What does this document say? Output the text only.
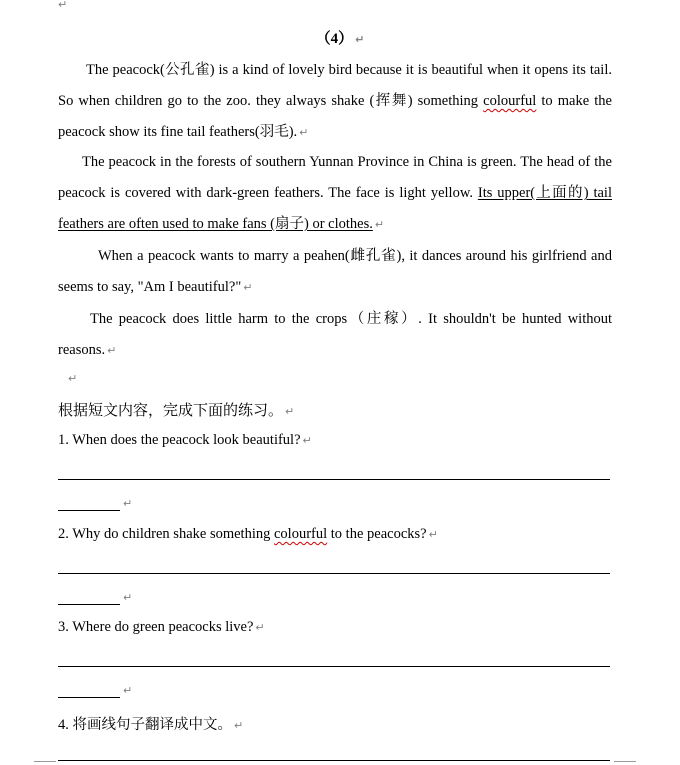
↵
（4） ↵
The peacock(公孔雀) is a kind of lovely bird because it is beautiful when it opens its tail. So when children go to the zoo. they always shake (挥舞) something colourful to make the peacock show its fine tail feathers(羽毛). ↵
The peacock in the forests of southern Yunnan Province in China is green. The head of the peacock is covered with dark-green feathers. The face is light yellow. Its upper(上面的) tail feathers are often used to make fans (扇子) or clothes. ↵
When a peacock wants to marry a peahen(雌孔雀), it dances around his girlfriend and seems to say, "Am I beautiful?" ↵
The peacock does little harm to the crops（庄稼）. It shouldn't be hunted without reasons. ↵
↵
根据短文内容，完成下面的练习。 ↵
1. When does the peacock look beautiful? ↵
↵
2. Why do children shake something colourful to the peacocks? ↵
↵
3. Where do green peacocks live? ↵
↵
4. 将画线句子翻译成中文。 ↵
